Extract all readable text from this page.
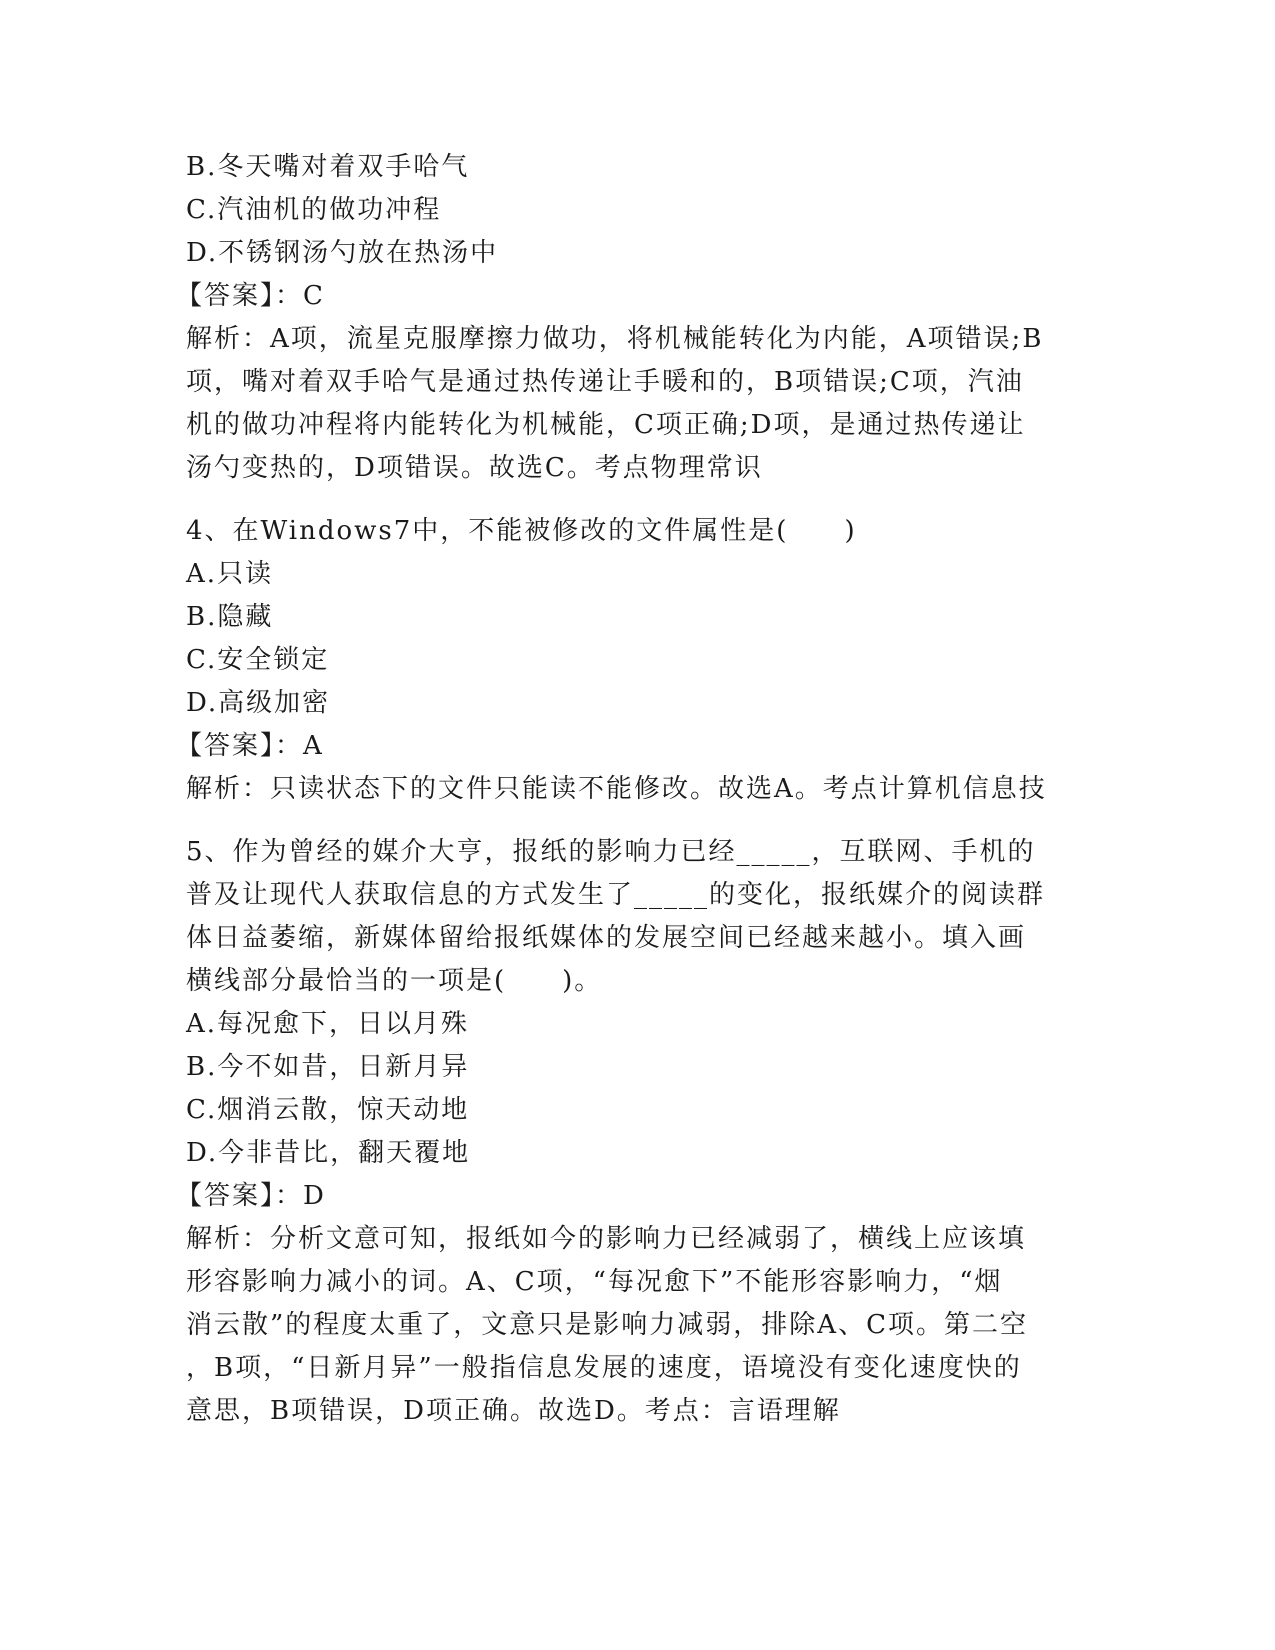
B.冬天嘴对着双手哈气
C.汽油机的做功冲程
D.不锈钢汤勺放在热汤中
【答案】：C
解析：A项，流星克服摩擦力做功，将机械能转化为内能，A项错误;B
项，嘴对着双手哈气是通过热传递让手暖和的，B项错误;C项，汽油
机的做功冲程将内能转化为机械能，C项正确;D项，是通过热传递让
汤勺变热的，D项错误。故选C。考点物理常识
4、在Windows7中，不能被修改的文件属性是(　　)
A.只读
B.隐藏
C.安全锁定
D.高级加密
【答案】：A
解析：只读状态下的文件只能读不能修改。故选A。考点计算机信息技
5、作为曾经的媒介大亨，报纸的影响力已经_____，互联网、手机的
普及让现代人获取信息的方式发生了_____的变化，报纸媒介的阅读群
体日益萎缩，新媒体留给报纸媒体的发展空间已经越来越小。填入画
横线部分最恰当的一项是(　　)。
A.每况愈下，日以月殊
B.今不如昔，日新月异
C.烟消云散，惊天动地
D.今非昔比，翻天覆地
【答案】：D
解析：分析文意可知，报纸如今的影响力已经减弱了，横线上应该填
形容影响力减小的词。A、C项，“每况愈下”不能形容影响力，“烟
消云散”的程度太重了，文意只是影响力减弱，排除A、C项。第二空
，B项，“日新月异”一般指信息发展的速度，语境没有变化速度快的
意思，B项错误，D项正确。故选D。考点：言语理解
